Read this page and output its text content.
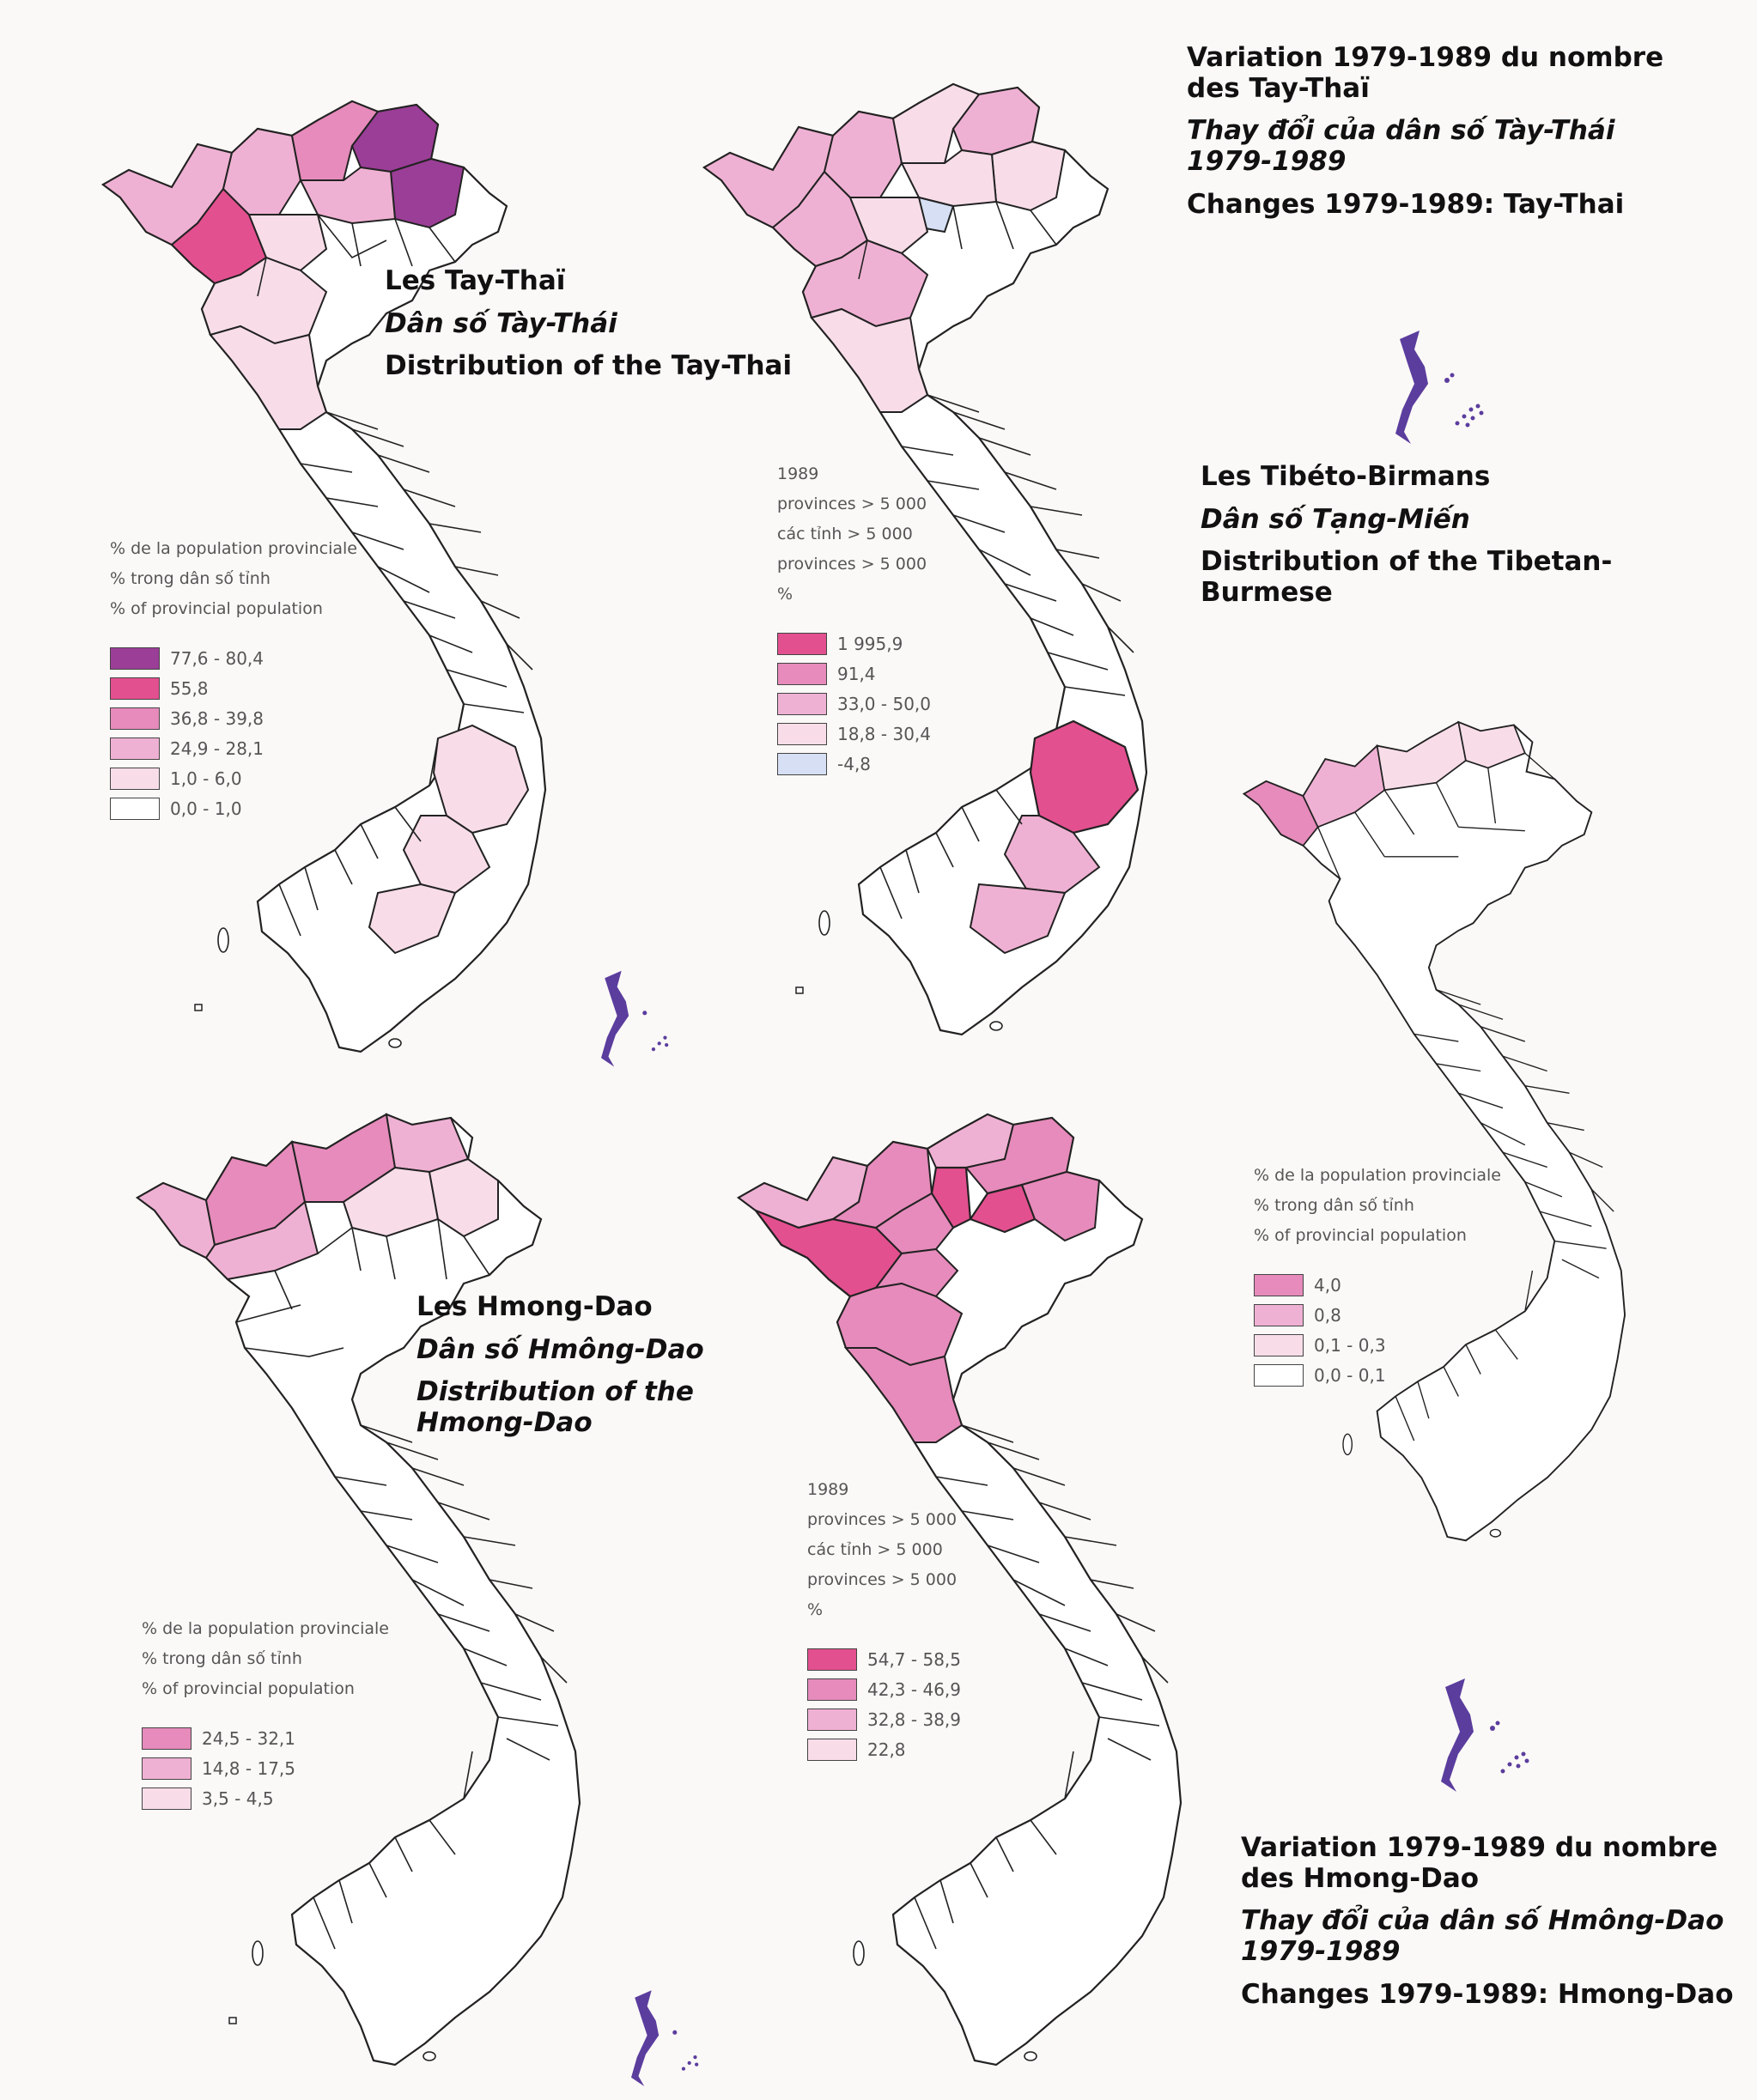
Les Tay-Thaï
Dân số Tày-Thái
Distribution of the Tay-Thai
% de la population provinciale
% trong dân số tỉnh
% of provincial population
77,6 - 80,4
55,8
36,8 - 39,8
24,9 - 28,1
1,0 - 6,0
0,0 - 1,0
1989
provinces > 5 000
các tỉnh > 5 000
provinces > 5 000
%
1 995,9
91,4
33,0 - 50,0
18,8 - 30,4
-4,8
Variation 1979-1989 du nombre des Tay-Thaï
Thay đổi của dân số Tày-Thái 1979-1989
Changes 1979-1989: Tay-Thai
Les Tibéto-Birmans
Dân số Tạng-Miến
Distribution of the Tibetan-Burmese
% de la population provinciale
% trong dân số tỉnh
% of provincial population
4,0
0,8
0,1 - 0,3
0,0 - 0,1
Les Hmong-Dao
Dân số Hmông-Dao
Distribution of the Hmong-Dao
% de la population provinciale
% trong dân số tỉnh
% of provincial population
24,5 - 32,1
14,8 - 17,5
3,5 - 4,5
1989
provinces > 5 000
các tỉnh > 5 000
provinces > 5 000
%
54,7 - 58,5
42,3 - 46,9
32,8 - 38,9
22,8
Variation 1979-1989 du nombre des Hmong-Dao
Thay đổi của dân số Hmông-Dao 1979-1989
Changes 1979-1989: Hmong-Dao
